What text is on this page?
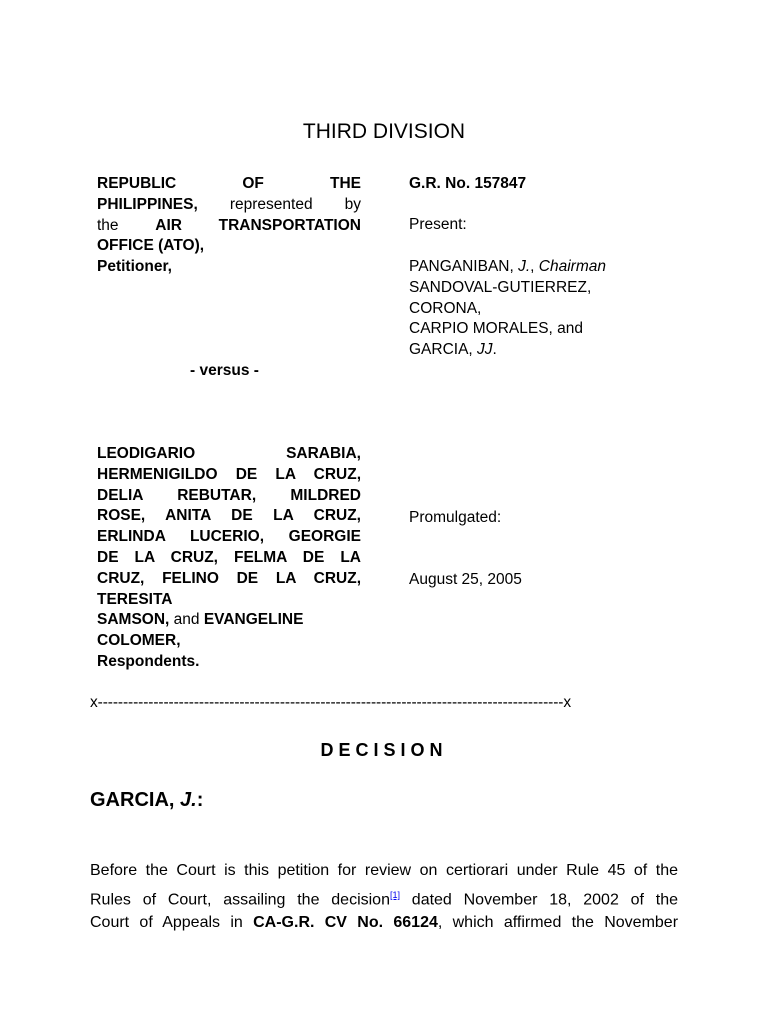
THIRD DIVISION
REPUBLIC OF THE
PHILIPPINES, represented by
the AIR TRANSPORTATION
OFFICE (ATO),
Petitioner,
G.R. No. 157847
Present:
PANGANIBAN, J., Chairman
SANDOVAL-GUTIERREZ,
CORONA,
CARPIO MORALES, and
GARCIA, JJ.
- versus -
LEODIGARIO SARABIA,
HERMENIGILDO DE LA CRUZ,
DELIA REBUTAR, MILDRED
ROSE, ANITA DE LA CRUZ,
ERLINDA LUCERIO, GEORGIE
DE LA CRUZ, FELMA DE LA
CRUZ, FELINO DE LA CRUZ,
TERESITA
SAMSON, and EVANGELINE
COLOMER,
Respondents.
Promulgated:
August 25, 2005
x--------------------------------------------------------------------------------------------x
DECISION
GARCIA, J.:
Before the Court is this petition for review on certiorari under Rule 45 of the
Rules of Court, assailing the decision[1] dated November 18, 2002 of the
Court of Appeals in CA-G.R. CV No. 66124, which affirmed the November
